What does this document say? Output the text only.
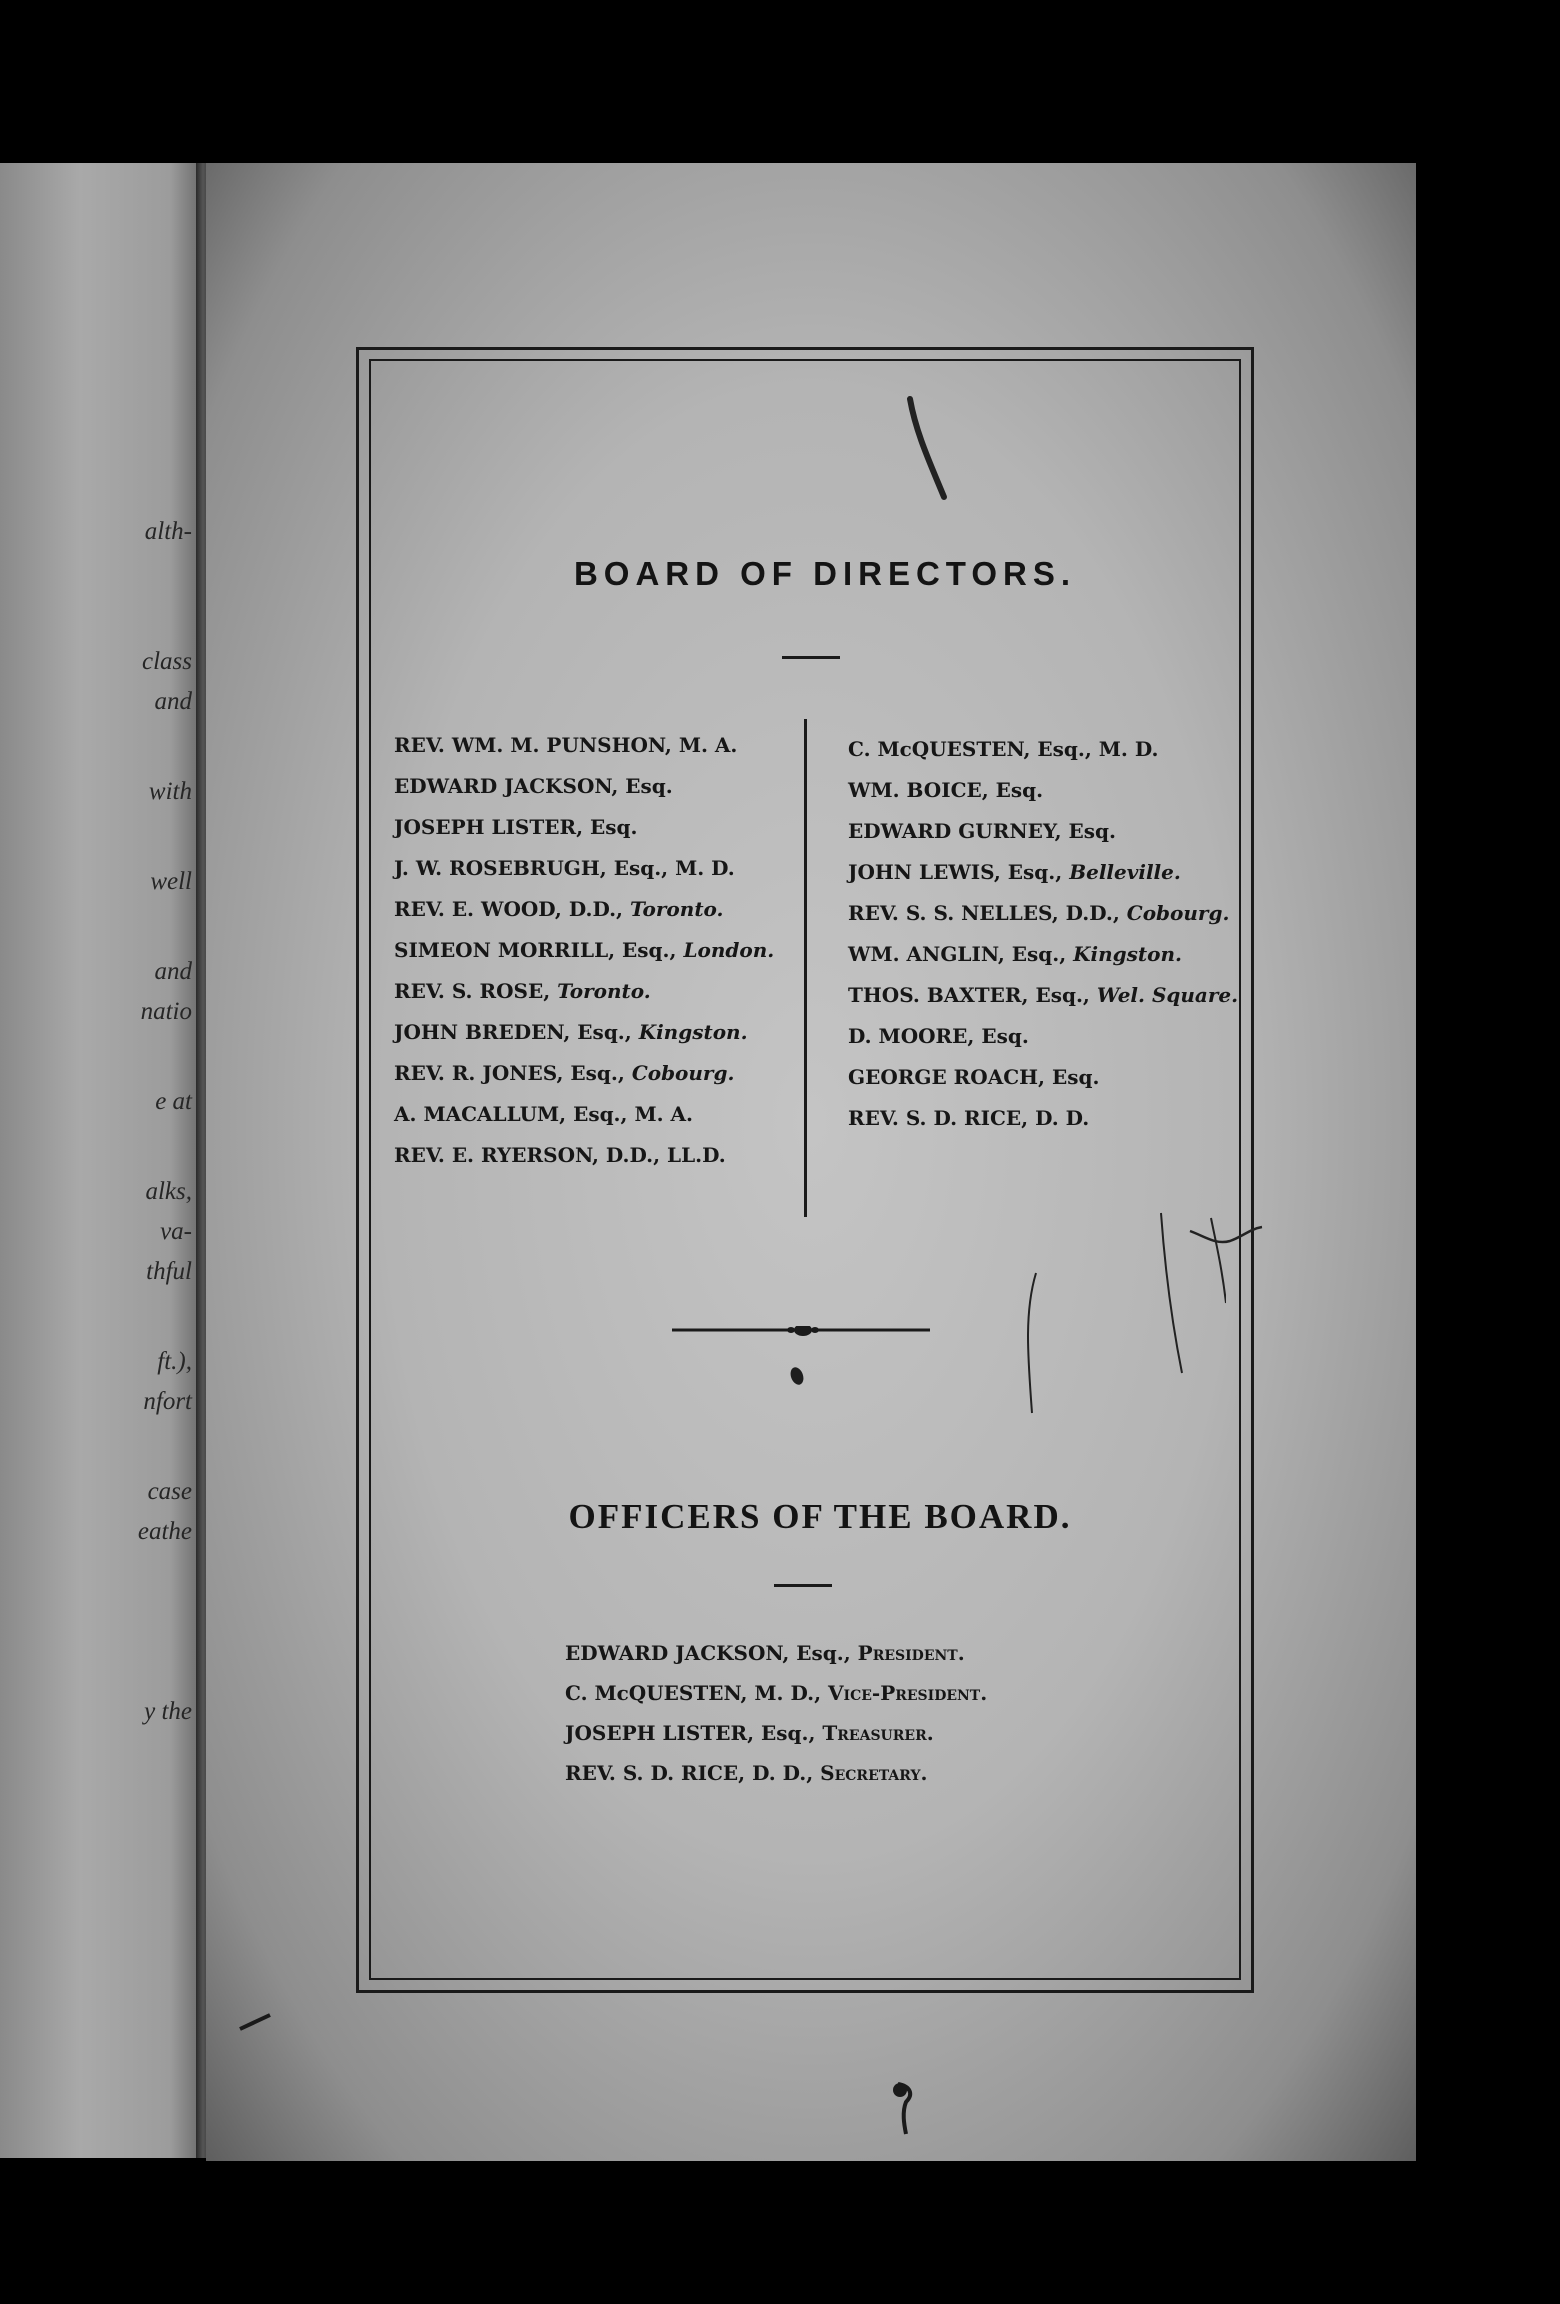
alth-
class
and
with
well
and
natio
e at
alks,
va-
thful
ft.),
nfort
case
eathe
y the
BOARD OF DIRECTORS.
REV. WM. M. PUNSHON, M. A.
EDWARD JACKSON, Esq.
JOSEPH LISTER, Esq.
J. W. ROSEBRUGH, Esq., M. D.
REV. E. WOOD, D.D., Toronto.
SIMEON MORRILL, Esq., London.
REV. S. ROSE, Toronto.
JOHN BREDEN, Esq., Kingston.
REV. R. JONES, Esq., Cobourg.
A. MACALLUM, Esq., M. A.
REV. E. RYERSON, D.D., LL.D.
C. McQUESTEN, Esq., M. D.
WM. BOICE, Esq.
EDWARD GURNEY, Esq.
JOHN LEWIS, Esq., Belleville.
REV. S. S. NELLES, D.D., Cobourg.
WM. ANGLIN, Esq., Kingston.
THOS. BAXTER, Esq., Wel. Square.
D. MOORE, Esq.
GEORGE ROACH, Esq.
REV. S. D. RICE, D. D.
OFFICERS OF THE BOARD.
EDWARD JACKSON, Esq., President.
C. McQUESTEN, M. D., Vice-President.
JOSEPH LISTER, Esq., Treasurer.
REV. S. D. RICE, D. D., Secretary.
